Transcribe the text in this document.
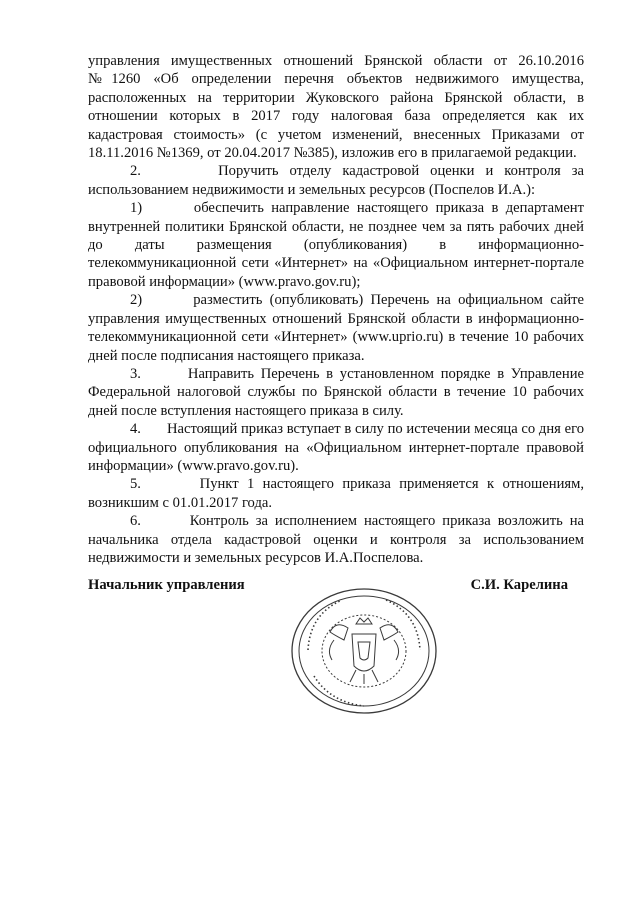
управления имущественных отношений Брянской области от 26.10.2016 №1260 «Об определении перечня объектов недвижимого имущества, расположенных на территории Жуковского района Брянской области, в отношении которых в 2017 году налоговая база определяется как их кадастровая стоимость» (с учетом изменений, внесенных Приказами от 18.11.2016 №1369, от 20.04.2017 №385), изложив его в прилагаемой редакции.

2.       Поручить отделу кадастровой оценки и контроля за использованием недвижимости и земельных ресурсов (Поспелов И.А.):

1)       обеспечить направление настоящего приказа в департамент внутренней политики Брянской области, не позднее чем за пять рабочих дней до даты размещения (опубликования) в информационно-телекоммуникационной сети «Интернет» на «Официальном интернет-портале правовой информации» (www.pravo.gov.ru);

2)       разместить (опубликовать) Перечень на официальном сайте управления имущественных отношений Брянской области в информационно-телекоммуникационной сети «Интернет» (www.uprio.ru) в течение 10 рабочих дней после подписания настоящего приказа.

3.       Направить Перечень в установленном порядке в Управление Федеральной налоговой службы по Брянской области в течение 10 рабочих дней после вступления настоящего приказа в силу.

4.       Настоящий приказ вступает в силу по истечении месяца со дня его официального опубликования на «Официальном интернет-портале правовой информации» (www.pravo.gov.ru).

5.       Пункт 1 настоящего приказа применяется к отношениям, возникшим с 01.01.2017 года.

6.       Контроль за исполнением настоящего приказа возложить на начальника отдела кадастровой оценки и контроля за использованием недвижимости и земельных ресурсов И.А.Поспелова.

Начальник управления	С.И. Карелина
